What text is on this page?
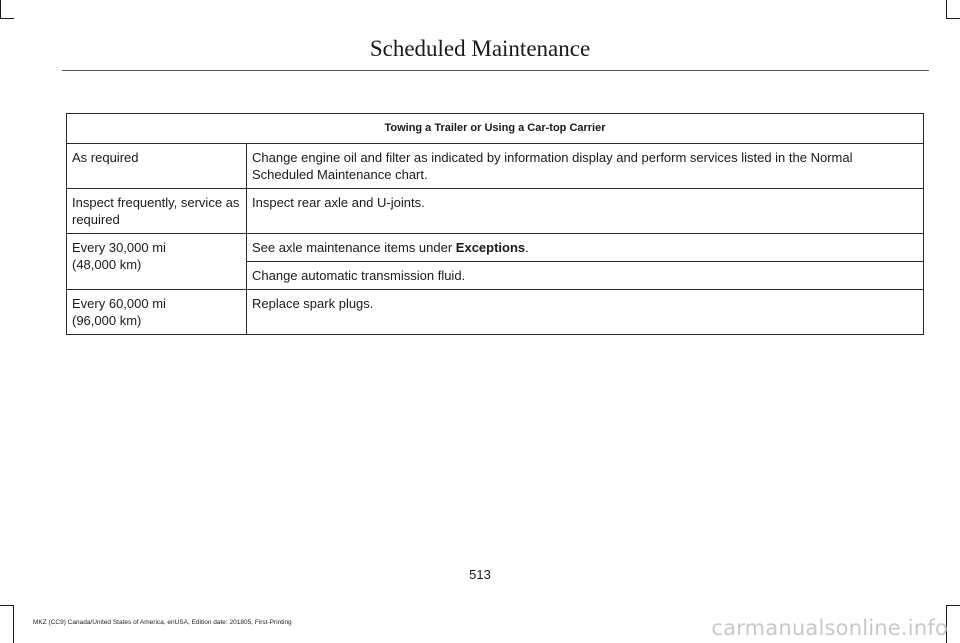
Scheduled Maintenance
Towing a Trailer or Using a Car-top Carrier	
As required	Change engine oil and filter as indicated by information display and perform services listed in the Normal Scheduled Maintenance chart.
Inspect frequently, service as required	Inspect rear axle and U-joints.
Every 30,000 mi
(48,000 km)	See axle maintenance items under Exceptions.
	Change automatic transmission fluid.
Every 60,000 mi
(96,000 km)	Replace spark plugs.
513
MKZ (CC9) Canada/United States of America, enUSA, Edition date: 201805, First-Printing	carmanualsonline.info
